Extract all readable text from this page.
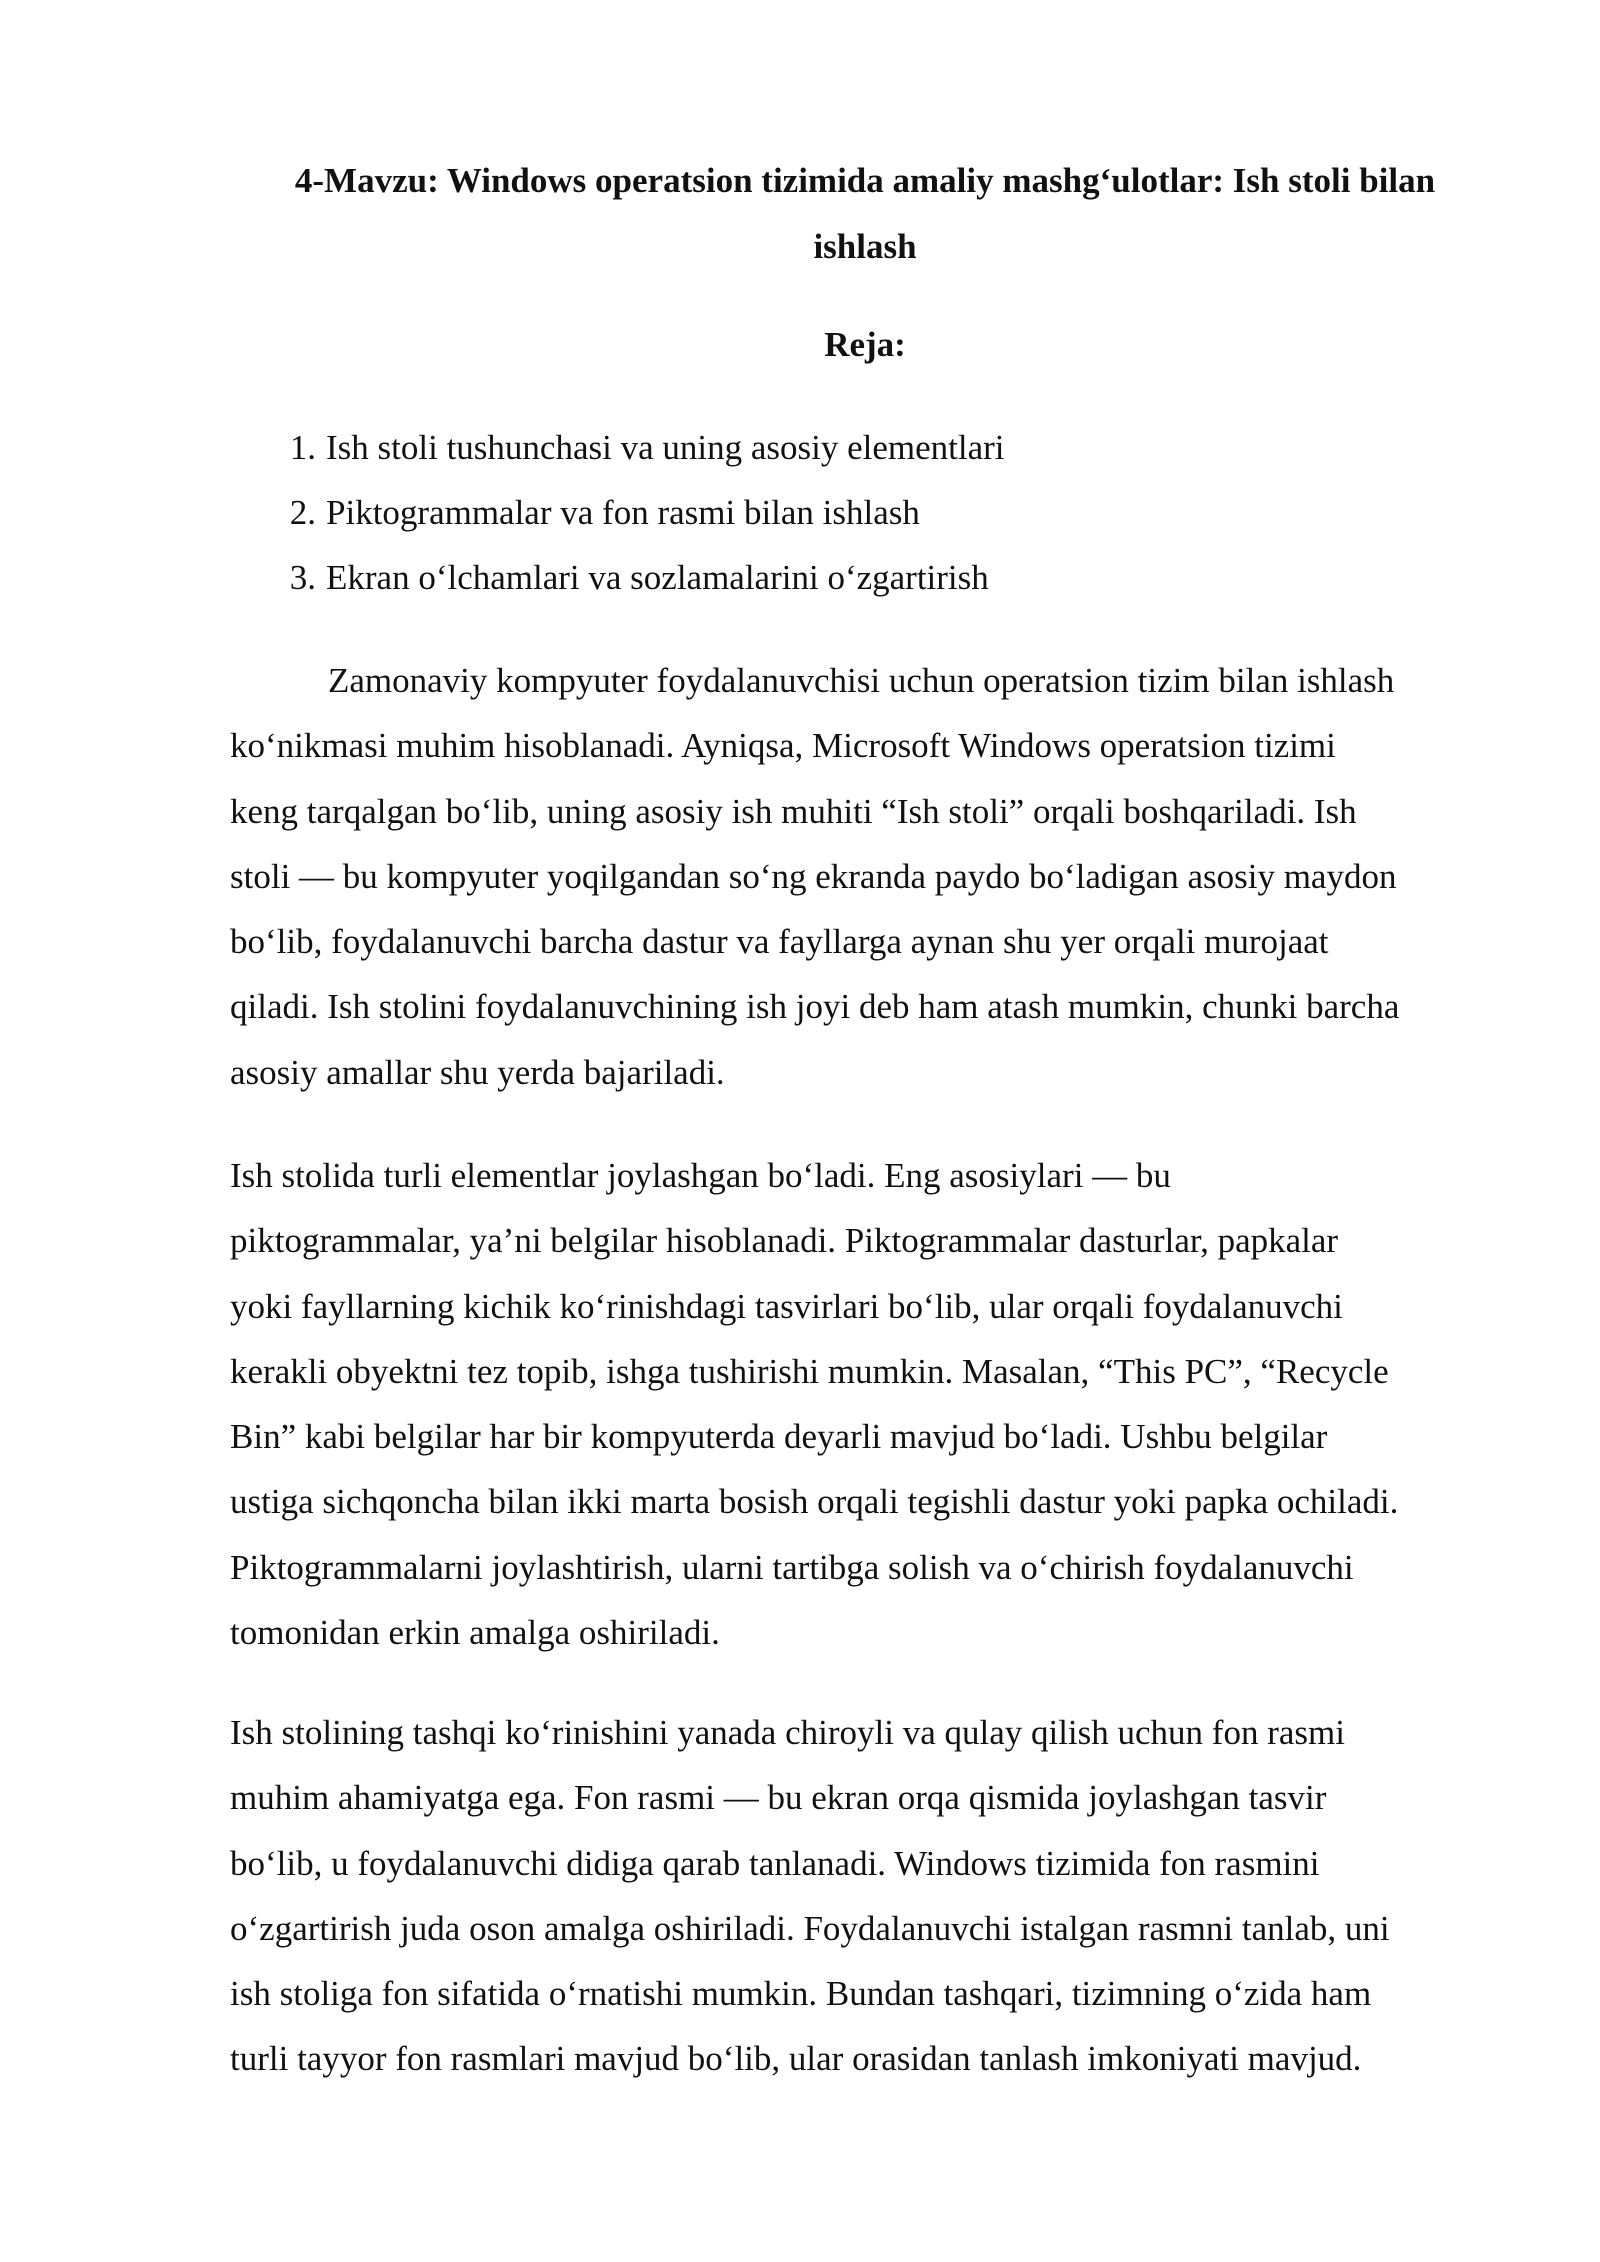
4-Mavzu: Windows operatsion tizimida amaliy mashg‘ulotlar: Ish stoli bilan
ishlash
Reja:
1. Ish stoli tushunchasi va uning asosiy elementlari
2. Piktogrammalar va fon rasmi bilan ishlash
3. Ekran o‘lchamlari va sozlamalarini o‘zgartirish
Zamonaviy kompyuter foydalanuvchisi uchun operatsion tizim bilan ishlash
ko‘nikmasi muhim hisoblanadi. Ayniqsa, Microsoft Windows operatsion tizimi
keng tarqalgan bo‘lib, uning asosiy ish muhiti “Ish stoli” orqali boshqariladi. Ish
stoli — bu kompyuter yoqilgandan so‘ng ekranda paydo bo‘ladigan asosiy maydon
bo‘lib, foydalanuvchi barcha dastur va fayllarga aynan shu yer orqali murojaat
qiladi. Ish stolini foydalanuvchining ish joyi deb ham atash mumkin, chunki barcha
asosiy amallar shu yerda bajariladi.
Ish stolida turli elementlar joylashgan bo‘ladi. Eng asosiylari — bu
piktogrammalar, ya’ni belgilar hisoblanadi. Piktogrammalar dasturlar, papkalar
yoki fayllarning kichik ko‘rinishdagi tasvirlari bo‘lib, ular orqali foydalanuvchi
kerakli obyektni tez topib, ishga tushirishi mumkin. Masalan, “This PC”, “Recycle
Bin” kabi belgilar har bir kompyuterda deyarli mavjud bo‘ladi. Ushbu belgilar
ustiga sichqoncha bilan ikki marta bosish orqali tegishli dastur yoki papka ochiladi.
Piktogrammalarni joylashtirish, ularni tartibga solish va o‘chirish foydalanuvchi
tomonidan erkin amalga oshiriladi.
Ish stolining tashqi ko‘rinishini yanada chiroyli va qulay qilish uchun fon rasmi
muhim ahamiyatga ega. Fon rasmi — bu ekran orqa qismida joylashgan tasvir
bo‘lib, u foydalanuvchi didiga qarab tanlanadi. Windows tizimida fon rasmini
o‘zgartirish juda oson amalga oshiriladi. Foydalanuvchi istalgan rasmni tanlab, uni
ish stoliga fon sifatida o‘rnatishi mumkin. Bundan tashqari, tizimning o‘zida ham
turli tayyor fon rasmlari mavjud bo‘lib, ular orasidan tanlash imkoniyati mavjud.
